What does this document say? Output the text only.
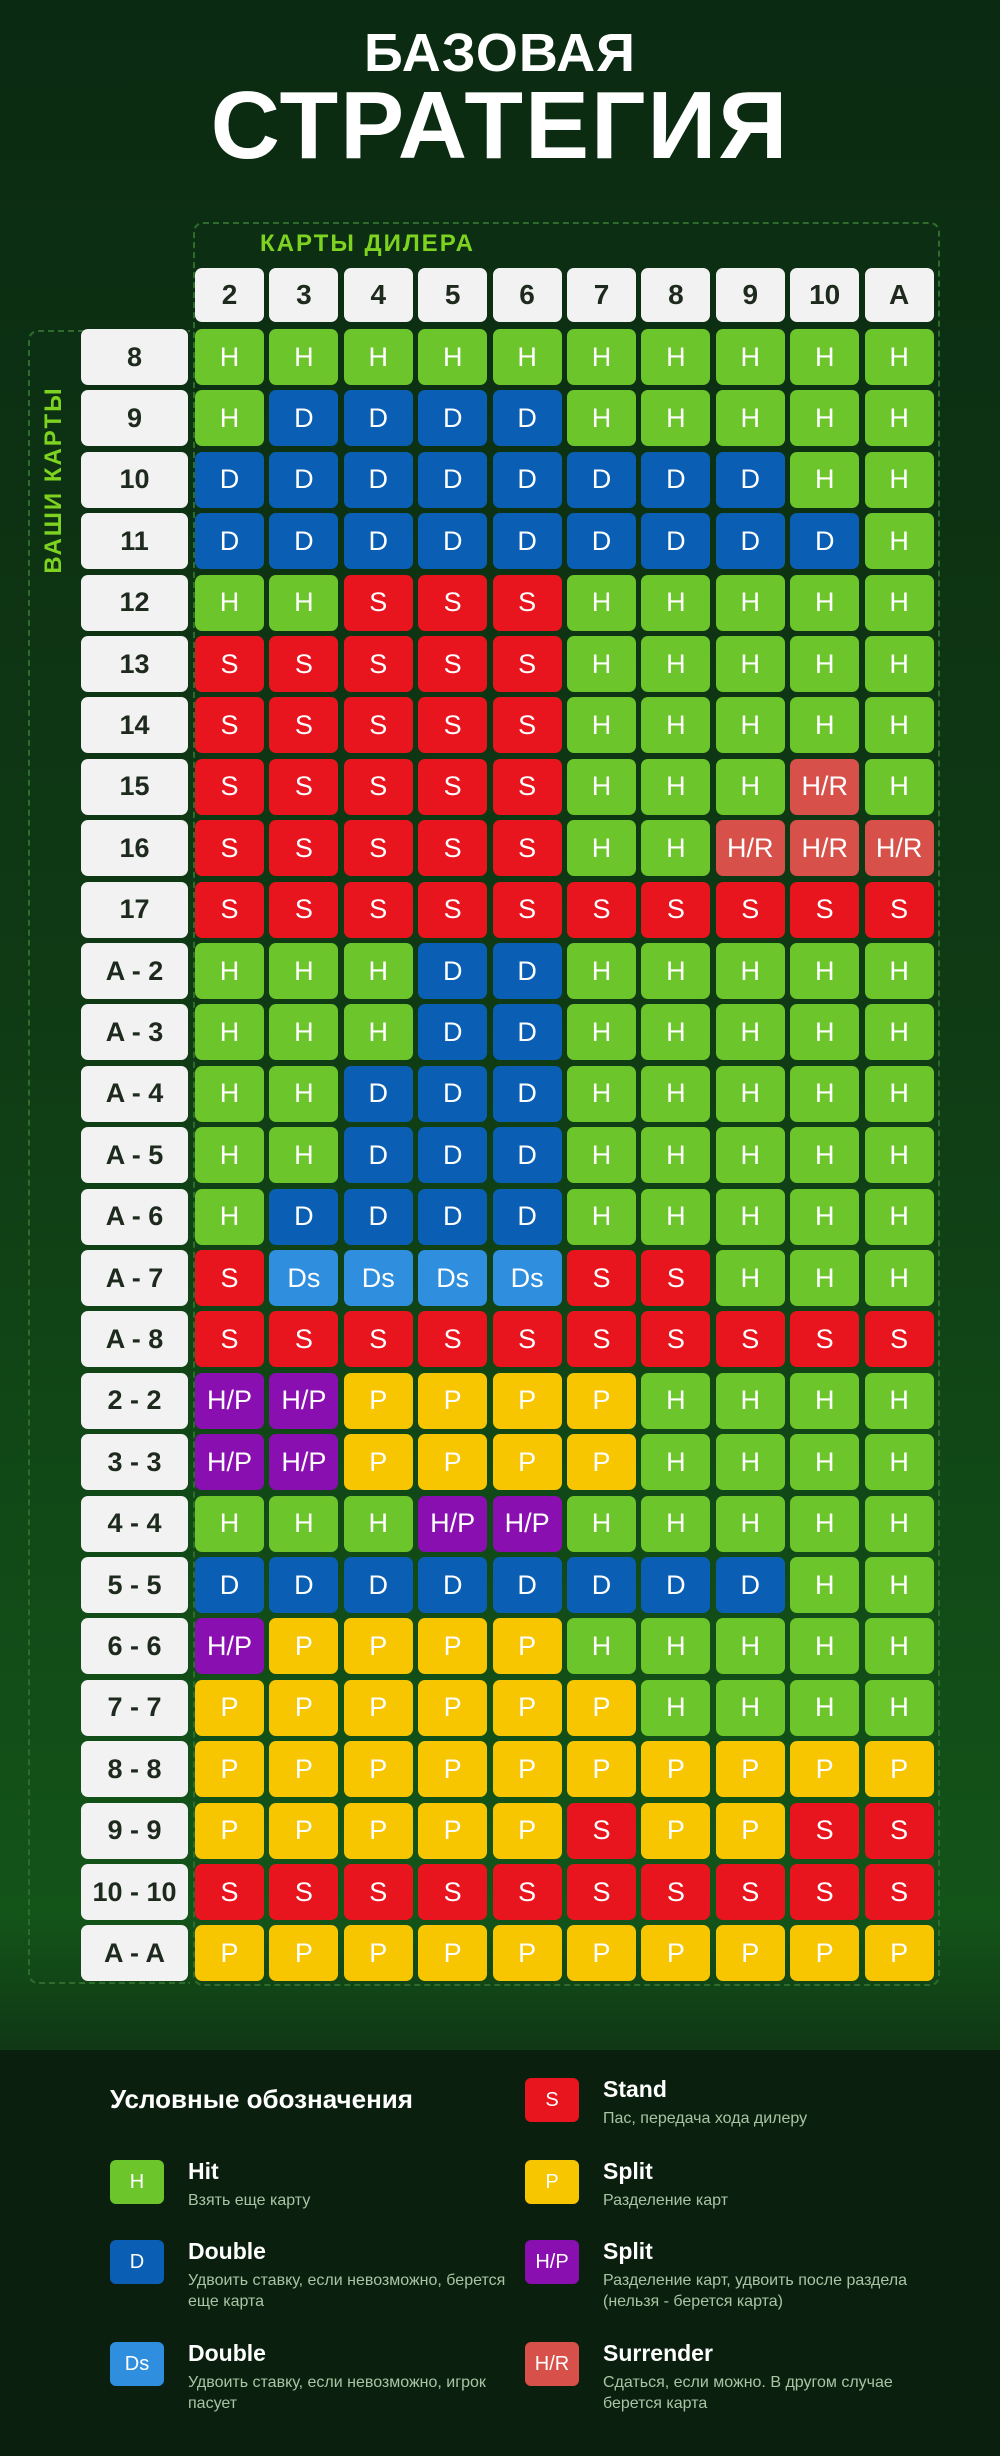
БАЗОВАЯ
СТРАТЕГИЯ
КАРТЫ ДИЛЕРА
ВАШИ КАРТЫ
2	3	4	5	6	7	8	9	10	A
8	H	H	H	H	H	H	H	H	H	H
9	H	D	D	D	D	H	H	H	H	H
10	D	D	D	D	D	D	D	D	H	H
11	D	D	D	D	D	D	D	D	D	H
12	H	H	S	S	S	H	H	H	H	H
13	S	S	S	S	S	H	H	H	H	H
14	S	S	S	S	S	H	H	H	H	H
15	S	S	S	S	S	H	H	H	H/R	H
16	S	S	S	S	S	H	H	H/R	H/R	H/R
17	S	S	S	S	S	S	S	S	S	S
A - 2	H	H	H	D	D	H	H	H	H	H
A - 3	H	H	H	D	D	H	H	H	H	H
A - 4	H	H	D	D	D	H	H	H	H	H
A - 5	H	H	D	D	D	H	H	H	H	H
A - 6	H	D	D	D	D	H	H	H	H	H
A - 7	S	Ds	Ds	Ds	Ds	S	S	H	H	H
A - 8	S	S	S	S	S	S	S	S	S	S
2 - 2	H/P	H/P	P	P	P	P	H	H	H	H
3 - 3	H/P	H/P	P	P	P	P	H	H	H	H
4 - 4	H	H	H	H/P	H/P	H	H	H	H	H
5 - 5	D	D	D	D	D	D	D	D	H	H
6 - 6	H/P	P	P	P	P	H	H	H	H	H
7 - 7	P	P	P	P	P	P	H	H	H	H
8 - 8	P	P	P	P	P	P	P	P	P	P
9 - 9	P	P	P	P	P	S	P	P	S	S
10 - 10	S	S	S	S	S	S	S	S	S	S
A - A	P	P	P	P	P	P	P	P	P	P
Условные обозначения
H	Hit
Взять еще карту
D	Double
Удвоить ставку, если невозможно, берется еще карта
Ds	Double
Удвоить ставку, если невозможно, игрок пасует
S	Stand
Пас, передача хода дилеру
P	Split
Разделение карт
H/P	Split
Разделение карт, удвоить после раздела (нельзя - берется карта)
H/R	Surrender
Сдаться, если можно. В другом случае берется карта
